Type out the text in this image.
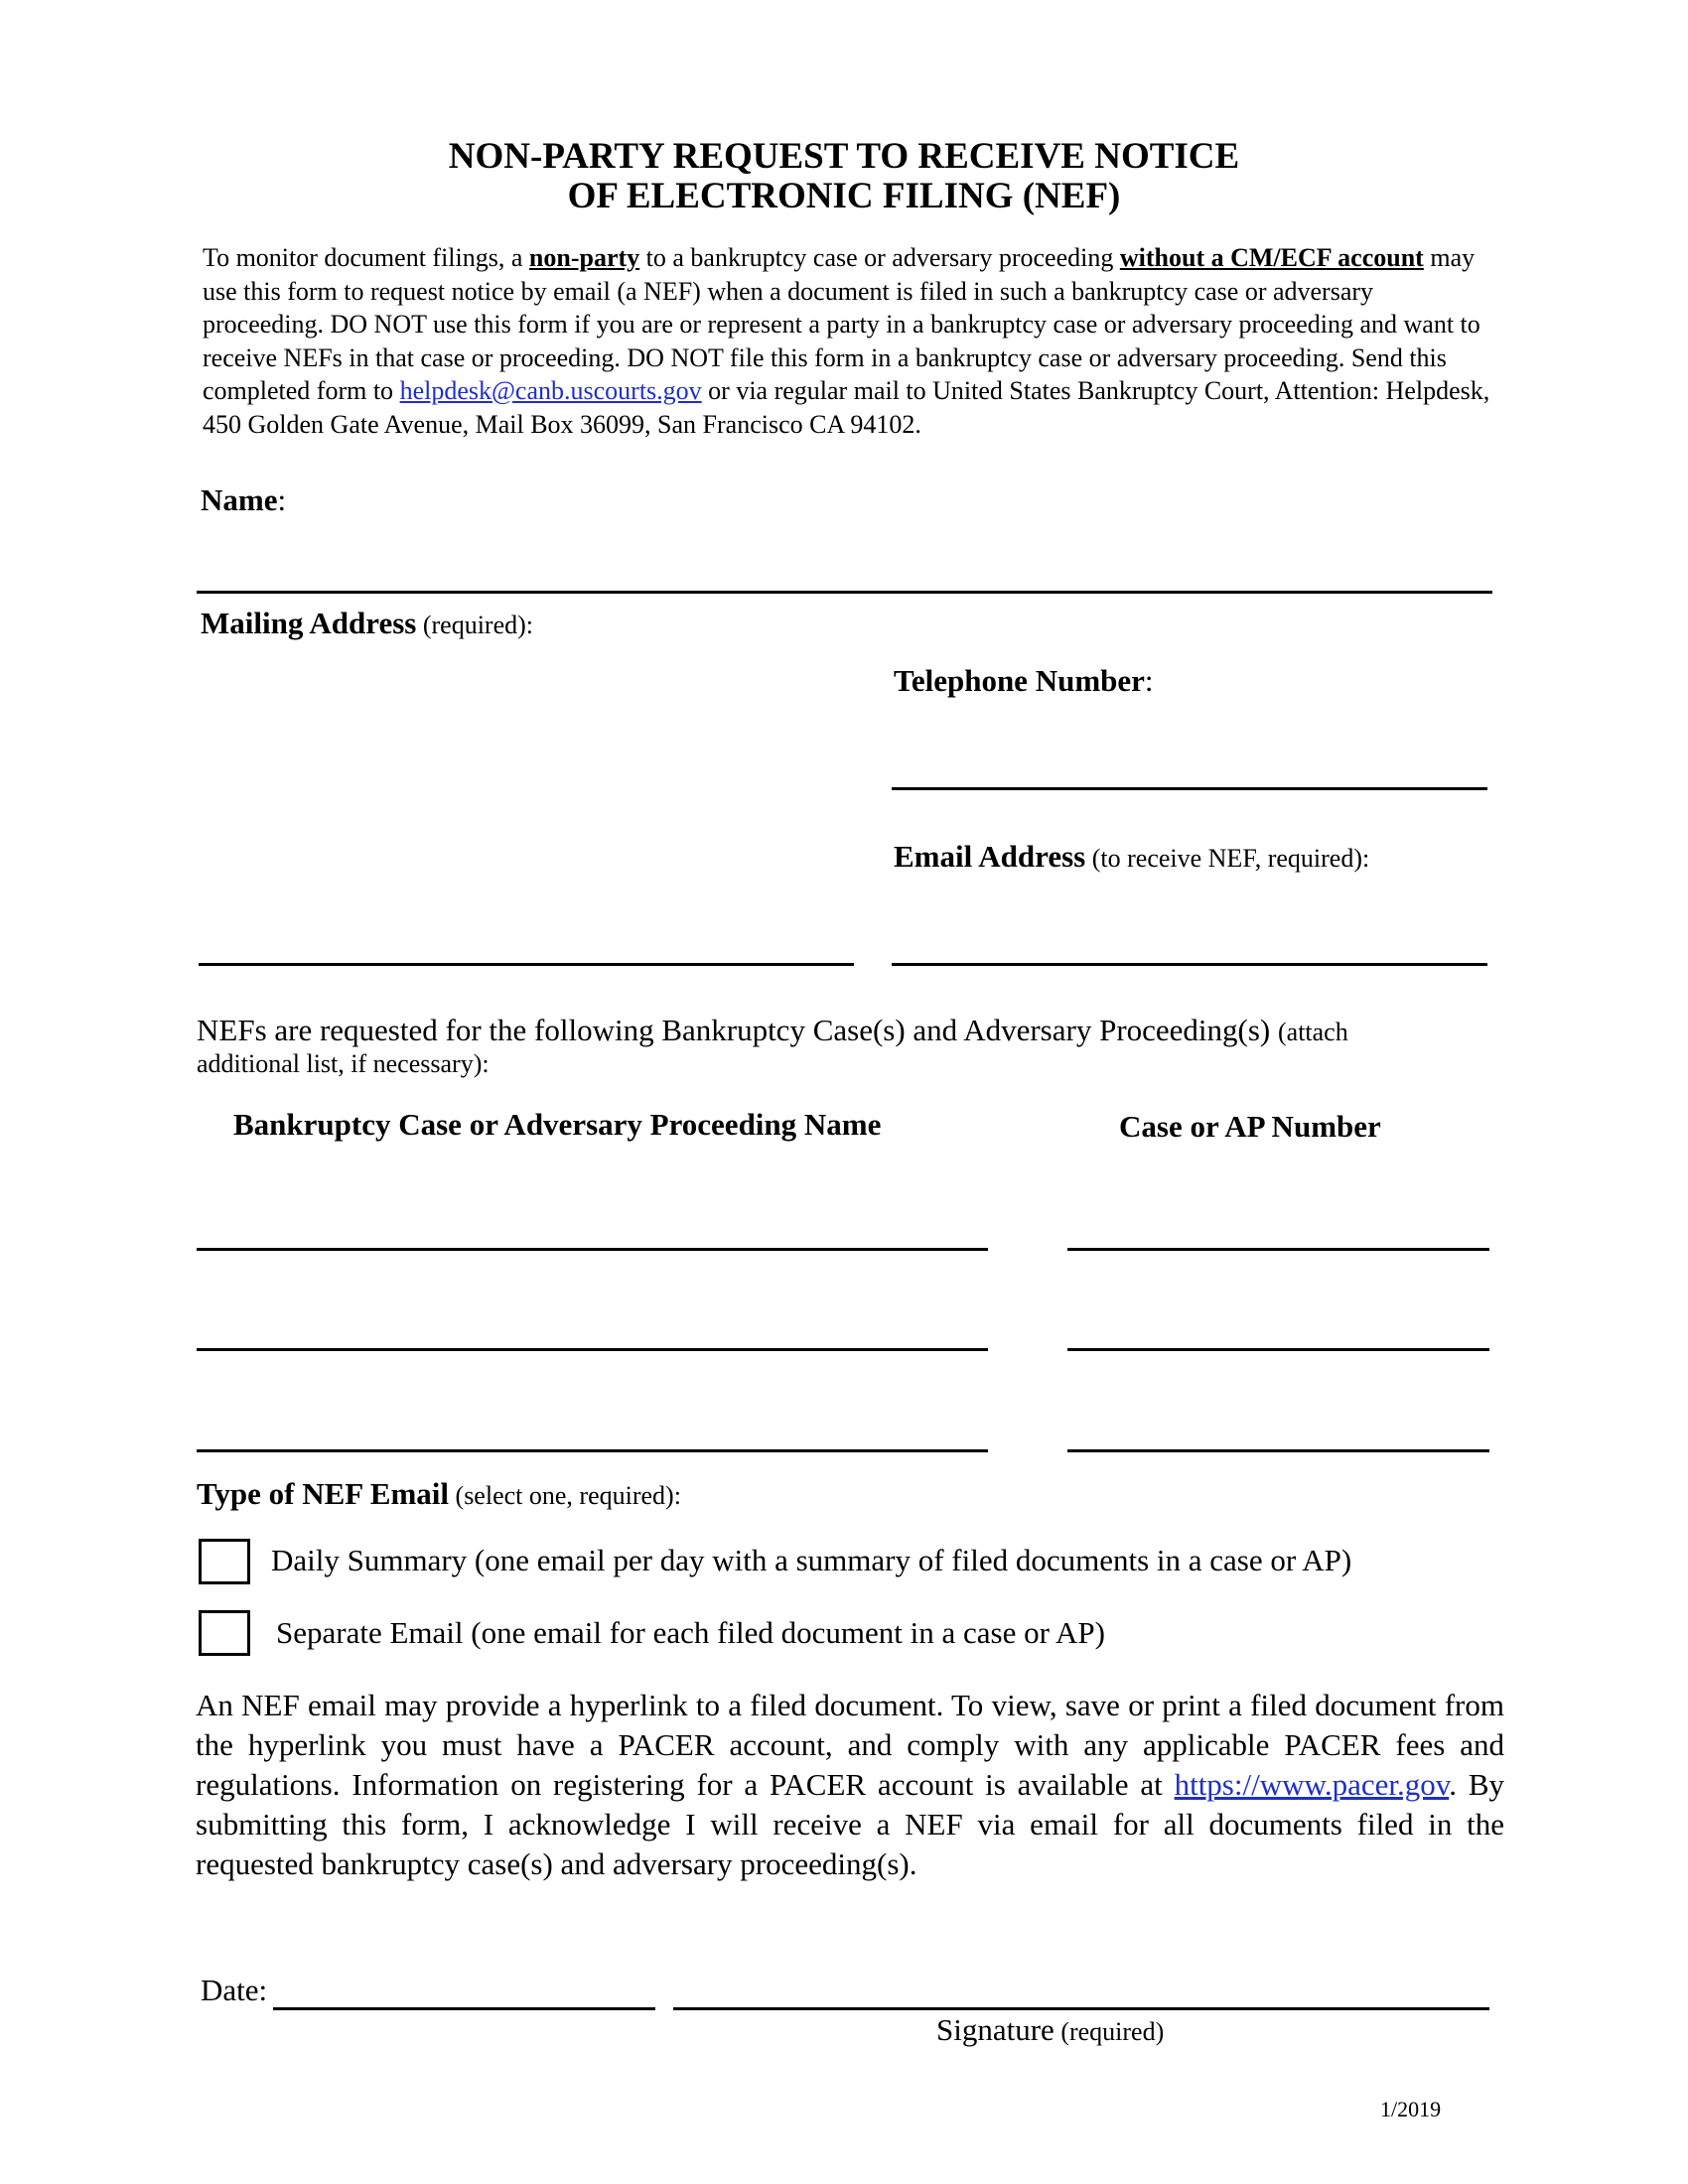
NON-PARTY REQUEST TO RECEIVE NOTICE
OF ELECTRONIC FILING (NEF)
To monitor document filings, a non-party to a bankruptcy case or adversary proceeding without a CM/ECF account may use this form to request notice by email (a NEF) when a document is filed in such a bankruptcy case or adversary proceeding. DO NOT use this form if you are or represent a party in a bankruptcy case or adversary proceeding and want to receive NEFs in that case or proceeding. DO NOT file this form in a bankruptcy case or adversary proceeding. Send this completed form to helpdesk@canb.uscourts.gov or via regular mail to United States Bankruptcy Court, Attention: Helpdesk, 450 Golden Gate Avenue, Mail Box 36099, San Francisco CA 94102.
Name:
Mailing Address (required):
Telephone Number:
Email Address (to receive NEF, required):
NEFs are requested for the following Bankruptcy Case(s) and Adversary Proceeding(s) (attach
additional list, if necessary):
Bankruptcy Case or Adversary Proceeding Name	Case or AP Number
Type of NEF Email (select one, required):
Daily Summary (one email per day with a summary of filed documents in a case or AP)
Separate Email (one email for each filed document in a case or AP)
An NEF email may provide a hyperlink to a filed document. To view, save or print a filed document from the hyperlink you must have a PACER account, and comply with any applicable PACER fees and regulations. Information on registering for a PACER account is available at https://www.pacer.gov. By submitting this form, I acknowledge I will receive a NEF via email for all documents filed in the requested bankruptcy case(s) and adversary proceeding(s).
Date:
Signature (required)
1/2019
